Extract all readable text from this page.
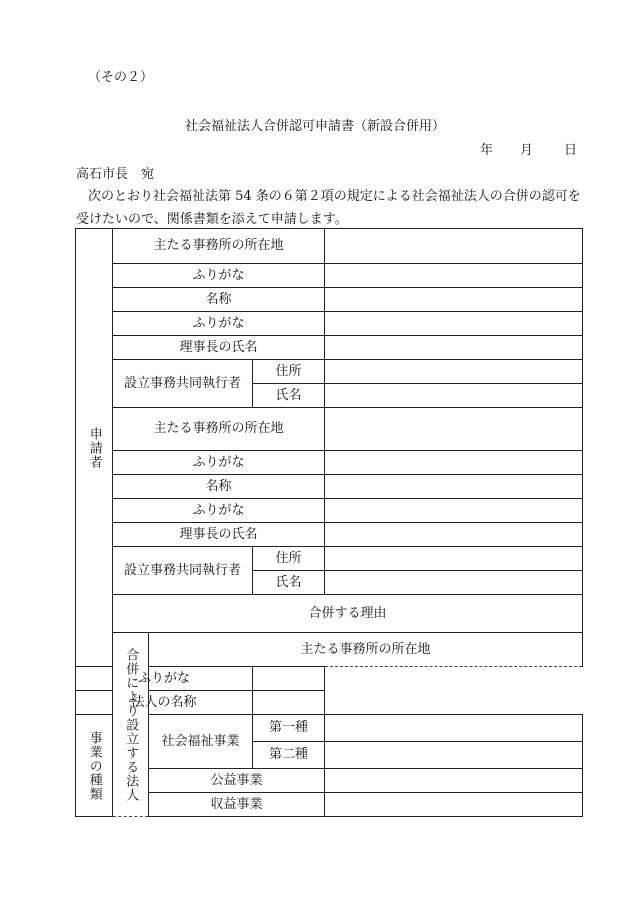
（その２）
社会福祉法人合併認可申請書（新設合併用）
年 月 日
高石市長　宛
次のとおり社会福祉法第 54 条の６第２項の規定による社会福祉法人の合併の認可を
受けたいので、関係書類を添えて申請します。
申請者	主たる事務所の所在地				
	ふりがな				
	名称				
	ふりがな				
	理事長の氏名				
	設立事務共同執行者		住所		
			氏名		
	主たる事務所の所在地				
	ふりがな				
	名称				
	ふりがな				
	理事長の氏名				
	設立事務共同執行者		住所		
			氏名		
	合併する理由				

	合併により設立する法人	主たる事務所の所在地			
ふりがな					
法人の名称					

事業の種類		社会福祉事業	第一種		
			第二種		
		公益事業			
		収益事業			
